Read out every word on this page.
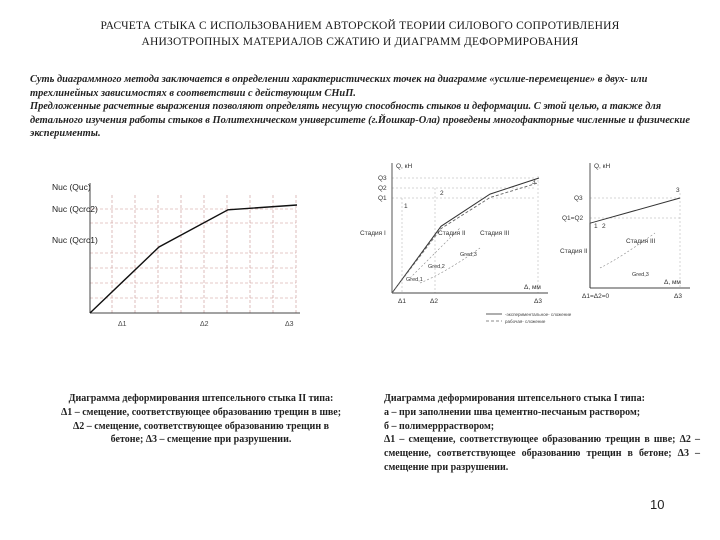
РАСЧЕТА СТЫКА С ИСПОЛЬЗОВАНИЕМ АВТОРСКОЙ ТЕОРИИ СИЛОВОГО СОПРОТИВЛЕНИЯ
АНИЗОТРОПНЫХ МАТЕРИАЛОВ СЖАТИЮ И ДИАГРАММ ДЕФОРМИРОВАНИЯ

Суть диаграммного метода заключается в определении характеристических точек на диаграмме «усилие-перемещение» в двух- или трехлинейных зависимостях в соответствии с действующим СНиП.

Предложенные расчетные выражения позволяют определять несущую способность стыков и деформации. С этой целью, а также для детального изучения работы стыков в Политехническом университете (г.Йошкар-Ола) проведены многофакторные численные и физические эксперименты.

Nuc (Quc)
Nuc (Qcrc2)
Nuc (Qcrc1)
Δ1	Δ2	Δ3
Q, кН
Δ, мм
Q3
Q2
Q1
Δ1	Δ2	Δ3
Стадия I	Стадия II Стадия III
1
2
3
Gred,3
Gred,2
Gred,1
-экспериментальное- сложение
рабочая- сложение
Q, кН
Δ, мм
Q3
Q1=Q2
Δ1=Δ2=0	Δ3
Стадия II
Стадия III
1 2
3
Gred,3

Диаграмма деформирования штепсельного стыка II типа:

Δ1 – смещение, соответствующее образованию трещин в шве;

Δ2 – смещение, соответствующее образованию трещин в

бетоне; Δ3 – смещение при разрушении.

Диаграмма деформирования штепсельного стыка I типа:

а – при заполнении шва цементно-песчаным раствором;

б – полимеррраствором;

Δ1 – смещение, соответствующее образованию трещин в шве; Δ2 – смещение, соответствующее образованию трещин в бетоне; Δ3 – смещение при разрушении.

10
